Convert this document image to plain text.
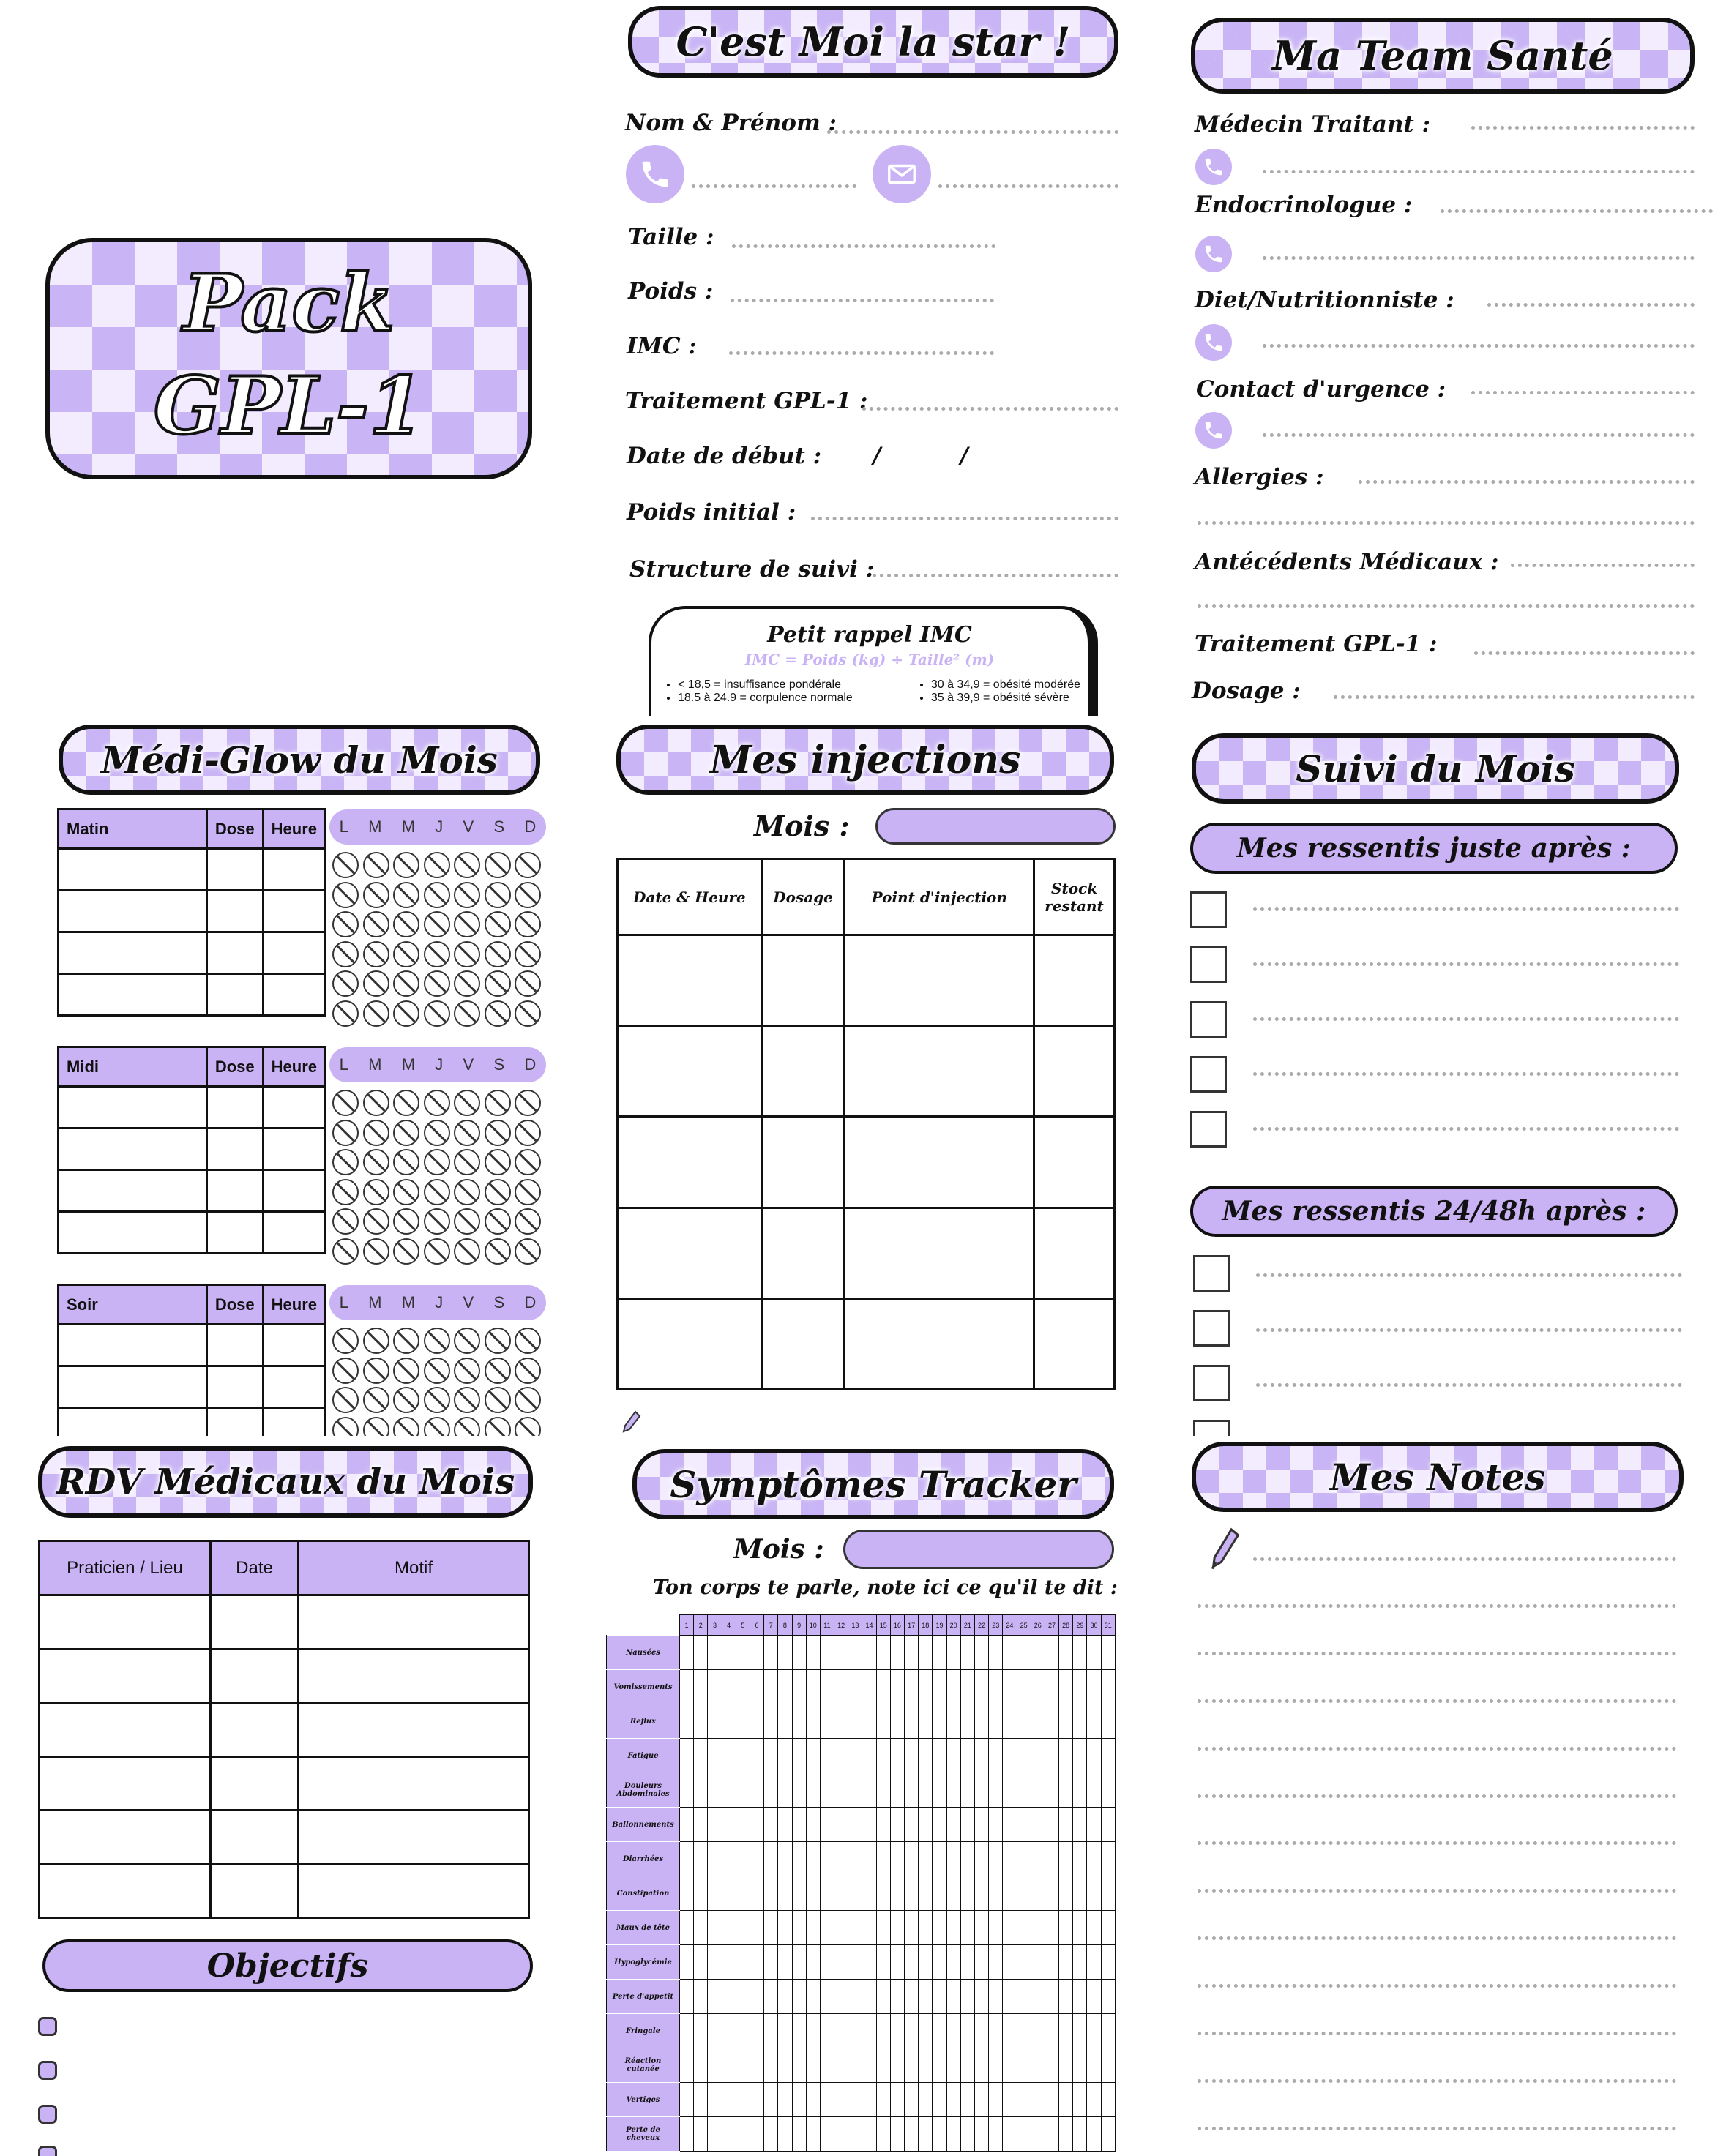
Pack
GPL-1
C'est Moi la star !
Nom & Prénom :
Taille :
Poids :
IMC :
Traitement GPL-1 :
Date de début : /          /
Poids initial :
Structure de suivi :
Petit rappel IMC
IMC = Poids (kg) ÷ Taille² (m)
• < 18,5 = insuffisance pondérale
• 18.5 à 24.9 = corpulence normale
• 30 à 34,9 = obésité modérée
• 35 à 39,9 = obésité sévère
Ma Team Santé
Médecin Traitant :
Endocrinologue :
Diet/Nutritionniste :
Contact d'urgence :
Allergies :
Antécédents Médicaux :
Traitement GPL-1 :
Dosage :
Médi-Glow du Mois
Matin	Dose	Heure

		L M M J V S D
Midi	Dose	Heure

		L M M J V S D
Soir	Dose	Heure

		L M M J V S D
Mes injections
Mois :
Date & Heure	Dosage	Point d'injection	Stock restant

Suivi du Mois
Mes ressentis juste après :
Mes ressentis 24/48h après :
RDV Médicaux du Mois
Praticien / Lieu	Date	Motif

Objectifs
Symptômes Tracker
Mois :
Ton corps te parle, note ici ce qu'il te dit :
	1	2	3	4	5	6	7	8	9	10	11	12	13	14	15	16	17	18	19	20	21	22	23	24	25	26	27	28	29	30	31
Nausées																															
Vomissements																															
Reflux																															
Fatigue																															
Douleurs Abdominales																															
Ballonnements																															
Diarrhées																															
Constipation																															
Maux de tête																															
Hypoglycémie																															
Perte d'appetit																															
Fringale																															
Réaction cutanée																															
Vertiges																															
Perte de cheveux																															
Mes Notes
